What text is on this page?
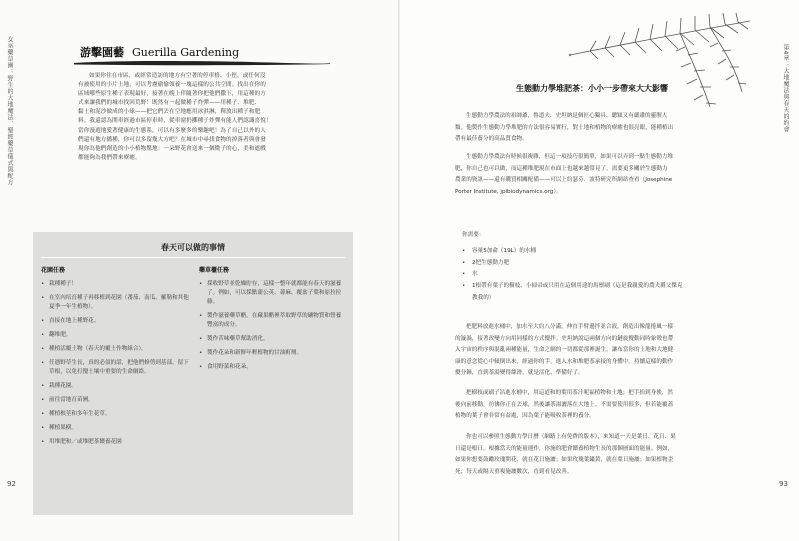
女巫藥草園：野生的大地魔法、聖經藥草儀式與配方
92
游擊園藝 Guerilla Gardening

如果你住在市區，或經常造訪的地方有空著的停車格、小徑，或任何沒

有被使用的小片土地，可以考慮偷偷領養一塊這樣的公共空間。找出在你的

區域哪些原生種子表現最好，接著在晚上伴隨著你把他們撒下，用這種的方

式來讓我們的城市找回荒野！既然有一起做種子炸彈——用種子、堆肥、

黏土和泥沙做成的小球——把它們丟在空地應用冰淇淋，釋放出種子和肥

料。我還認為開車經過市區停車時，從車窗扔擲種子炸彈有能人們認識喜悅！

當你漫遊地愛著健康的生態系，可以有多麼多的樂趣吧！為了自己以外的人

們還有地方播種，你可以多留幾大方吧？在城市中尋找食物的掉落者與會發

現你為他們創造的小小植物驚地：一朵野花會送來一個微子的心，美和遮戲

都能夠為我們帶來療癒。

春天可以做的事情
花園任務
• 栽種種子！
• 在室內培育種子再移植到花園（番茄、南瓜、羅勒和其他夏季一年生植物）。
• 直接在地上種野花。
• 翻堆肥。
• 種植活覆土物（春天的覆土作物組合）。
• 任憑野草生長，真的必須的話，把他們修剪到基部，留下草根，以免打攪土壤中重要的生命網絡。
• 栽種花園。
• 前往當地育苗圃。
• 種植根莖和多年生花草。
• 種植果樹。
• 用堆肥和／或堆肥茶餵養花園
藥草櫃任務
• 採收野草並乾燥貯存，這樣一整年就都能有春天的滋養了。例如，可以採點蒲公英、蕁麻、覆盆子葉和原拉拉藤。
• 製作滋養藥草醋，在藏果醋裡萃取野草的礦物質和營養豐富的成分。
• 製作苦味藥草幫助消化。
• 製作花朵和新鮮年輕植物的甘油酊劑。
• 食用野菜和花朵。
第4章：大地魔法與春天的約會
93
生態動力學堆肥茶：小小一步帶來大大影響

生態動力學農法的祖師爺，魯道夫．史坦納是個匠心獨具、聰穎又有嚴肅的靈腥人
類。他製作生態動力學堆肥的方法很容易實行，對土地和植物的療癒也很亮眼，能種植出
帶有最佳養分的高品質食物。

生態動力學農法有時候很複雜，但這一項技巧很簡單，如果可以弄到一點生態動力堆
肥，你自己也可以做，而這種堆肥現在市面上也越來越常見了。需要更多關於生態動力
農業的資訊——還有購買相關配備——可以上約瑟芬．波特研究所網站查看（Josephine
Porter Institute, jpibiodynamics.org）。

你需要：

• 容量5加侖（19L）的水桶
• 2把生態動力肥
• 水
• 1根帶有葉子的樹枝、小掃帚或只用在這個用途的馬鬃刷（這是我親愛的農夫爵父傑克教我的）

把肥料放進水桶中，加水至大約八分滿。伸直手臂邊拌並合液，創造出像龍捲風一樣
的漩渦，接著改變方向用同樣的方式攪拌。史坦納說這兩個方向的鏈旋攪動同時象徵也帶
入宇宙的秩序與混亂兩種能量，生命之網的一切都從那裡誕生。讓布當你的土地和大地健
康的意念從心中傾倒出來，經過你的手，進入水和堆肥茶承接的身體中。持續這樣的動作
攪分鐘，直到茶湯變得絲滑，就是活化、準備好了。

把樹枝或刷子沾進水桶中，用這道和的葉用茶汁呢福植物和土地；把手抬到身後，然
後向前移動，彷彿你正在丟球，然後讓茶湯灑落在大地上。不需要使用很多，但若能覆蓋
植物的葉子會非常有益處，因為葉子能吸收茶裡的養分。

你也可以參照生態動力學日曆（網路上有免費的版本），來知道一天是葉日、花日、果
日還是根日。根據當天的能量運作，你施的肥會餵養植物生長的那個層面的能量。例如，
如果你想要鼓勵玫瑰開花，就在花日施灑；如果玫瑰葉鏽黃，就在葉日施灑；如果植物歪
死，每天或隔天重複施灑數次，直到看見改善。
